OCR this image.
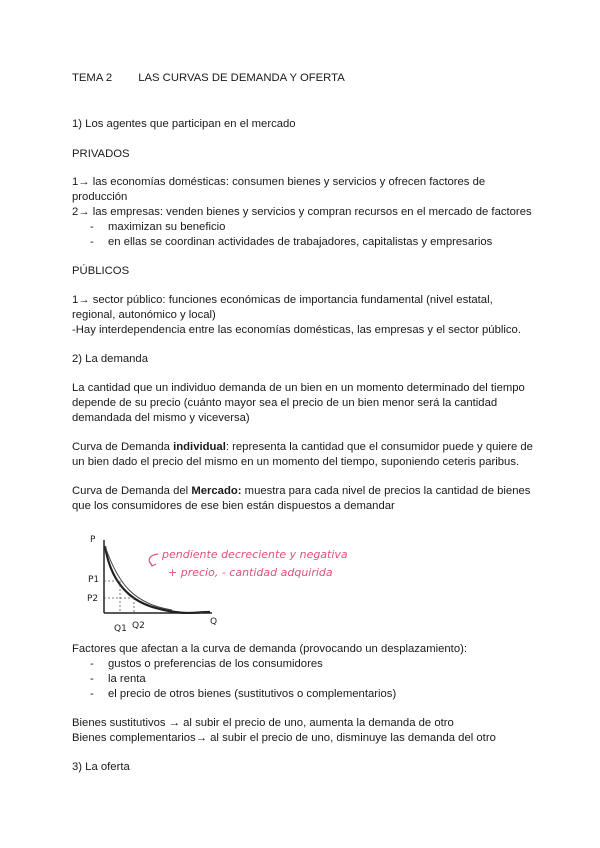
TEMA 2 LAS CURVAS DE DEMANDA Y OFERTA
1) Los agentes que participan en el mercado
PRIVADOS
1→ las economías domésticas: consumen bienes y servicios y ofrecen factores de
producción
2→ las empresas: venden bienes y servicios y compran recursos en el mercado de factores
- maximizan su beneficio
- en ellas se coordinan actividades de trabajadores, capitalistas y empresarios
PÚBLICOS
1→ sector público: funciones económicas de importancia fundamental (nivel estatal,
regional, autonómico y local)
-Hay interdependencia entre las economías domésticas, las empresas y el sector público.
2) La demanda
La cantidad que un individuo demanda de un bien en un momento determinado del tiempo
depende de su precio (cuánto mayor sea el precio de un bien menor será la cantidad
demandada del mismo y viceversa)
Curva de Demanda individual: representa la cantidad que el consumidor puede y quiere de
un bien dado el precio del mismo en un momento del tiempo, suponiendo ceteris paribus.
Curva de Demanda del Mercado: muestra para cada nivel de precios la cantidad de bienes
que los consumidores de ese bien están dispuestos a demandar
P
Q
P1
P2
Q1 Q2
pendiente decreciente y negativa
+ precio, - cantidad adquirida
Factores que afectan a la curva de demanda (provocando un desplazamiento):
- gustos o preferencias de los consumidores
- la renta
- el precio de otros bienes (sustitutivos o complementarios)
Bienes sustitutivos → al subir el precio de uno, aumenta la demanda de otro
Bienes complementarios→ al subir el precio de uno, disminuye las demanda del otro
3) La oferta
